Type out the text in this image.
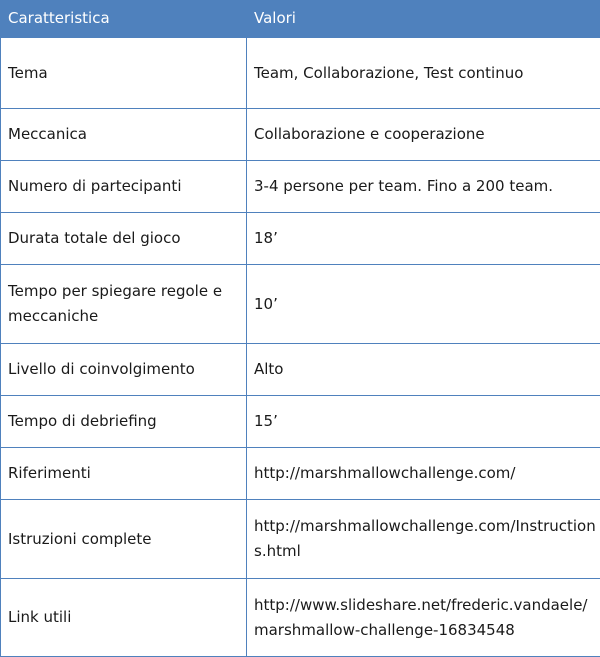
Caratteristica	Valori
Tema	Team, Collaborazione, Test continuo
Meccanica	Collaborazione e cooperazione
Numero di partecipanti	3-4 persone per team. Fino a 200 team.
Durata totale del gioco	18’
Tempo per spiegare regole e meccaniche	10’
Livello di coinvolgimento	Alto
Tempo di debriefing	15’
Riferimenti	http://marshmallowchallenge.com/
Istruzioni complete	http://marshmallowchallenge.com/Instructions.html
Link utili	http://www.slideshare.net/frederic.vandaele/marshmallow-challenge-16834548
